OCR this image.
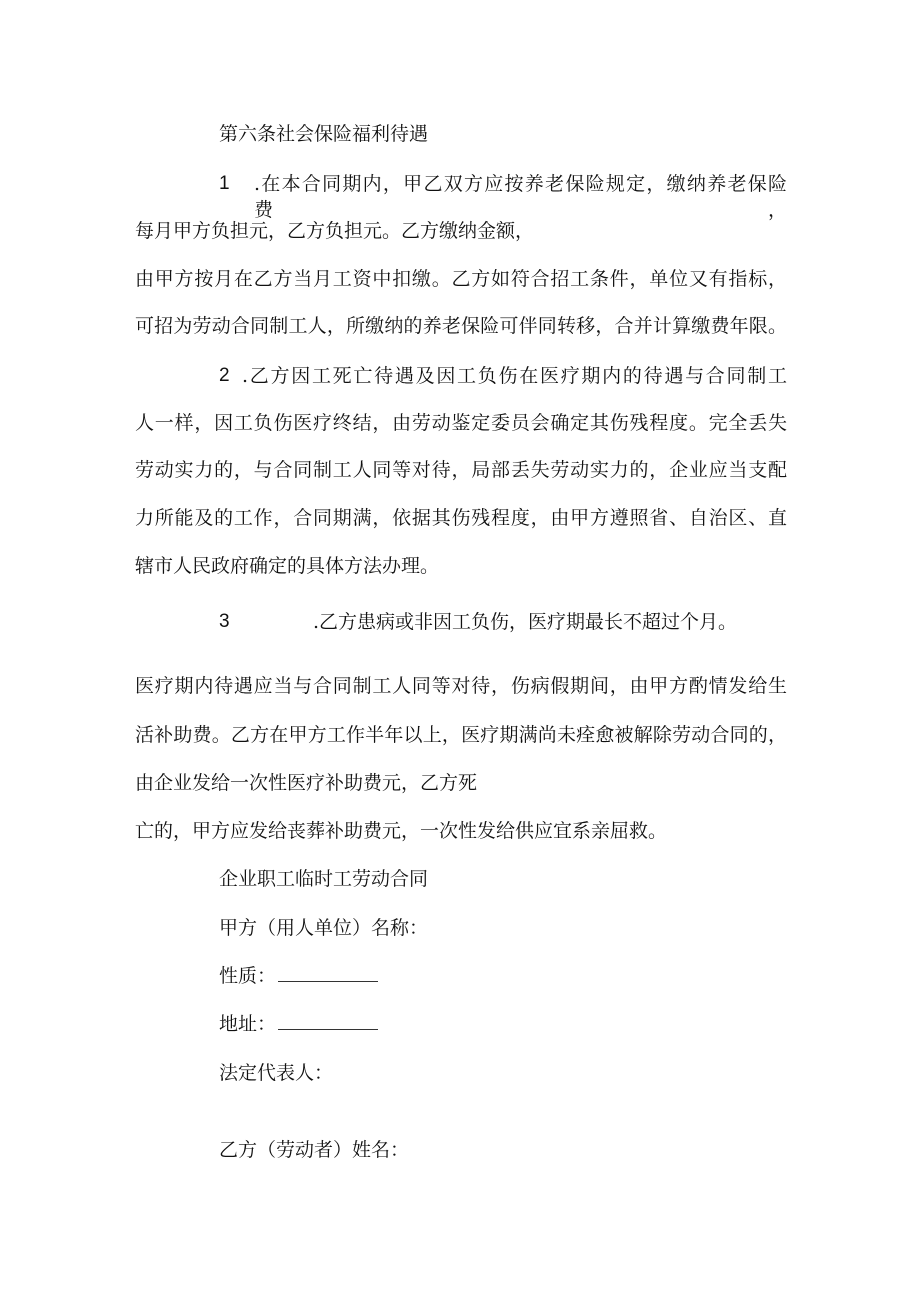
第六条社会保险福利待遇
1 .在本合同期内，甲乙双方应按养老保险规定，缴纳养老保险费，
每月甲方负担元，乙方负担元。乙方缴纳金额，
由甲方按月在乙方当月工资中扣缴。乙方如符合招工条件，单位又有指标，
可招为劳动合同制工人，所缴纳的养老保险可伴同转移，合并计算缴费年限。
2 .乙方因工死亡待遇及因工负伤在医疗期内的待遇与合同制工
人一样，因工负伤医疗终结，由劳动鉴定委员会确定其伤残程度。完全丢失
劳动实力的，与合同制工人同等对待，局部丢失劳动实力的，企业应当支配
力所能及的工作，合同期满，依据其伤残程度，由甲方遵照省、自治区、直
辖市人民政府确定的具体方法办理。
3	.乙方患病或非因工负伤，医疗期最长不超过个月。
医疗期内待遇应当与合同制工人同等对待，伤病假期间，由甲方酌情发给生
活补助费。乙方在甲方工作半年以上，医疗期满尚未痊愈被解除劳动合同的，
由企业发给一次性医疗补助费元，乙方死
亡的，甲方应发给丧葬补助费元，一次性发给供应宜系亲屈救。
企业职工临时工劳动合同
甲方（用人单位）名称：
性质：
地址：
法定代表人：
乙方（劳动者）姓名：
